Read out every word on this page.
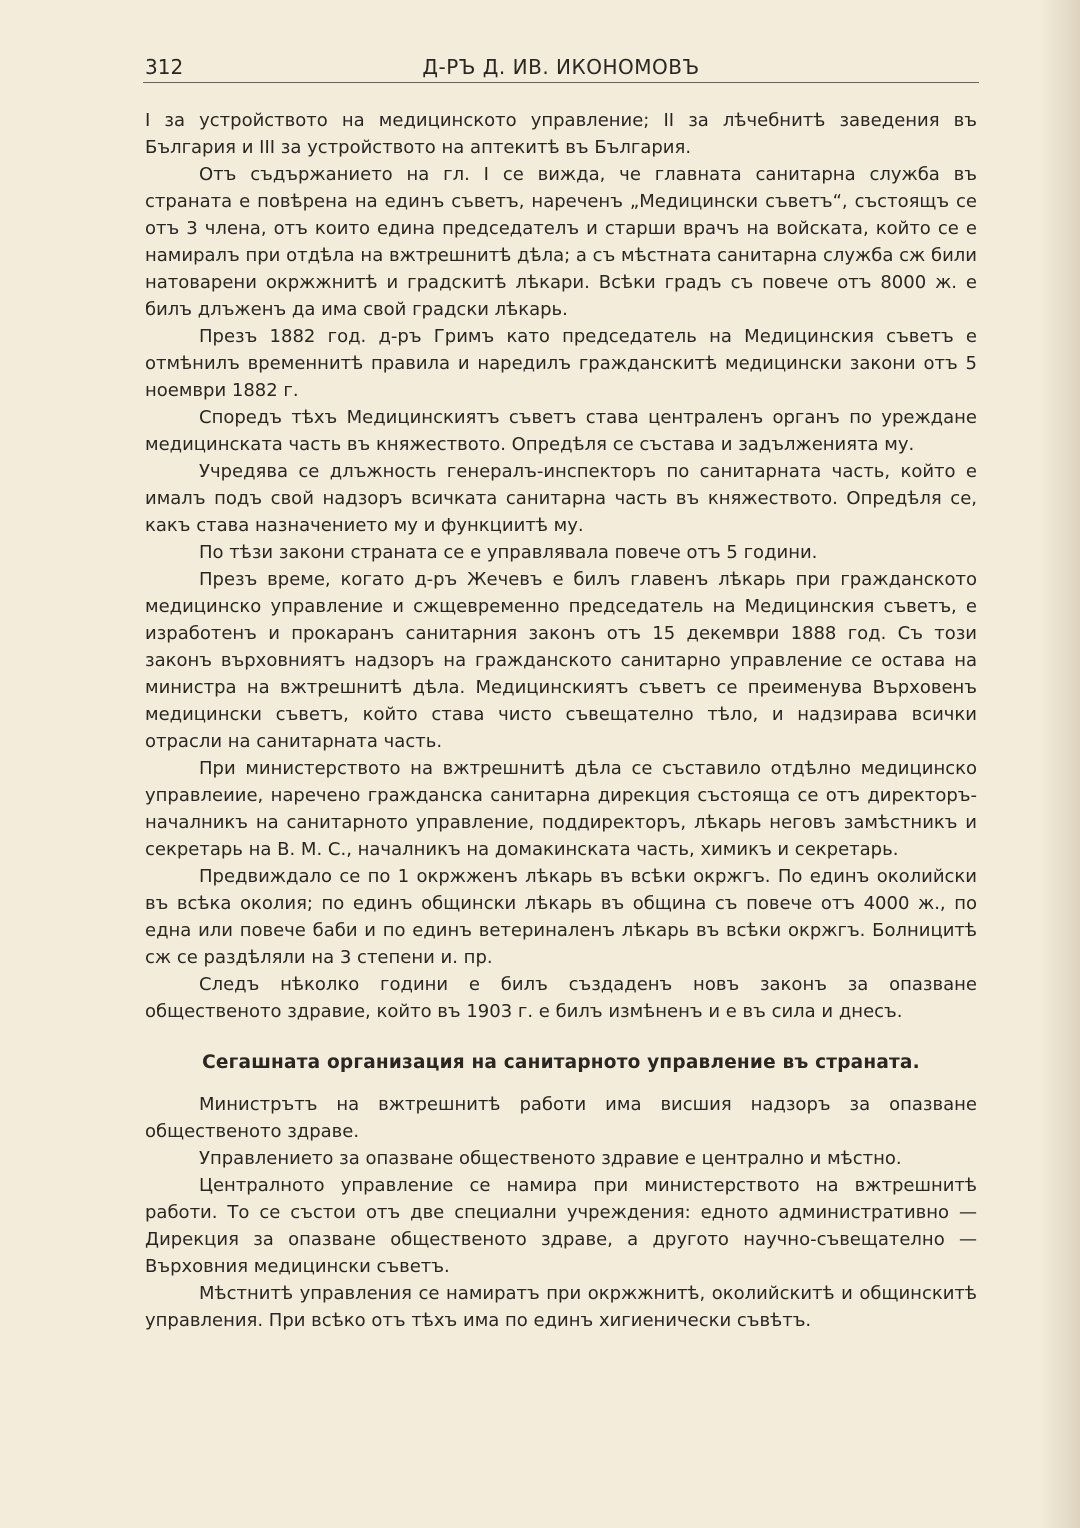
312	Д-РЪ Д. ИВ. ИКОНОМОВЪ

I за устройството на медицинското управление; II за лѣчебнитѣ заведения въ България и III за устройството на аптекитѣ въ България.

Отъ съдържанието на гл. I се вижда, че главната санитарна служба въ страната е повѣрена на единъ съветъ, нареченъ „Медицински съветъ“, състоящъ се отъ 3 члена, отъ които едина председателъ и старши врачъ на войската, който се е намиралъ при отдѣла на вжтрешнитѣ дѣла; а съ мѣстната санитарна служба сж били натоварени окржжнитѣ и градскитѣ лѣкари. Всѣки градъ съ повече отъ 8000 ж. е билъ длъженъ да има свой градски лѣкарь.

Презъ 1882 год. д-ръ Гримъ като председатель на Медицинския съветъ е отмѣнилъ временнитѣ правила и наредилъ гражданскитѣ медицински закони отъ 5 ноември 1882 г.

Споредъ тѣхъ Медицинскиятъ съветъ става централенъ органъ по уреждане медицинската часть въ княжеството. Опредѣля се състава и задълженията му.

Учредява се длъжность генералъ-инспекторъ по санитарната часть, който е ималъ подъ свой надзоръ всичката санитарна часть въ княжеството. Опредѣля се, какъ става назначението му и функциитѣ му.

По тѣзи закони страната се е управлявала повече отъ 5 години.

Презъ време, когато д-ръ Жечевъ е билъ главенъ лѣкарь при гражданското медицинско управление и сжщевременно председатель на Медицинския съветъ, е изработенъ и прокаранъ санитарния законъ отъ 15 декември 1888 год. Съ този законъ върховниятъ надзоръ на гражданското санитарно управление се остава на министра на вжтрешнитѣ дѣла. Медицинскиятъ съветъ се преименува Върховенъ медицински съветъ, който става чисто съвещателно тѣло, и надзирава всички отрасли на санитарната часть.

При министерството на вжтрешнитѣ дѣла се съставило отдѣлно медицинско управлеиие, наречено гражданска санитарна дирекция състояща се отъ директоръ-началникъ на санитарното управление, поддиректоръ, лѣкарь неговъ замѣстникъ и секретарь на В. М. С., началникъ на домакинската часть, химикъ и секретарь.

Предвиждало се по 1 окржженъ лѣкарь въ всѣки окржгъ. По единъ околийски въ всѣка околия; по единъ общински лѣкарь въ община съ повече отъ 4000 ж., по една или повече баби и по единъ ветериналенъ лѣкарь въ всѣки окржгъ. Болницитѣ сж се раздѣляли на 3 степени и. пр.

Следъ нѣколко години е билъ създаденъ новъ законъ за опазване общественото здравие, който въ 1903 г. е билъ измѣненъ и е въ сила и днесъ.

Сегашната организация на санитарното управление въ страната.

Министрътъ на вжтрешнитѣ работи има висшия надзоръ за опазване общественото здраве.

Управлението за опазване общественото здравие е централно и мѣстно.

Централното управление се намира при министерството на вжтрешнитѣ работи. То се състои отъ две специални учреждения: едното административно — Дирекция за опазване общественото здраве, а другото научно-съвещателно — Върховния медицински съветъ.

Мѣстнитѣ управления се намиратъ при окржжнитѣ, околийскитѣ и общинскитѣ управления. При всѣко отъ тѣхъ има по единъ хигиенически съвѣтъ.
